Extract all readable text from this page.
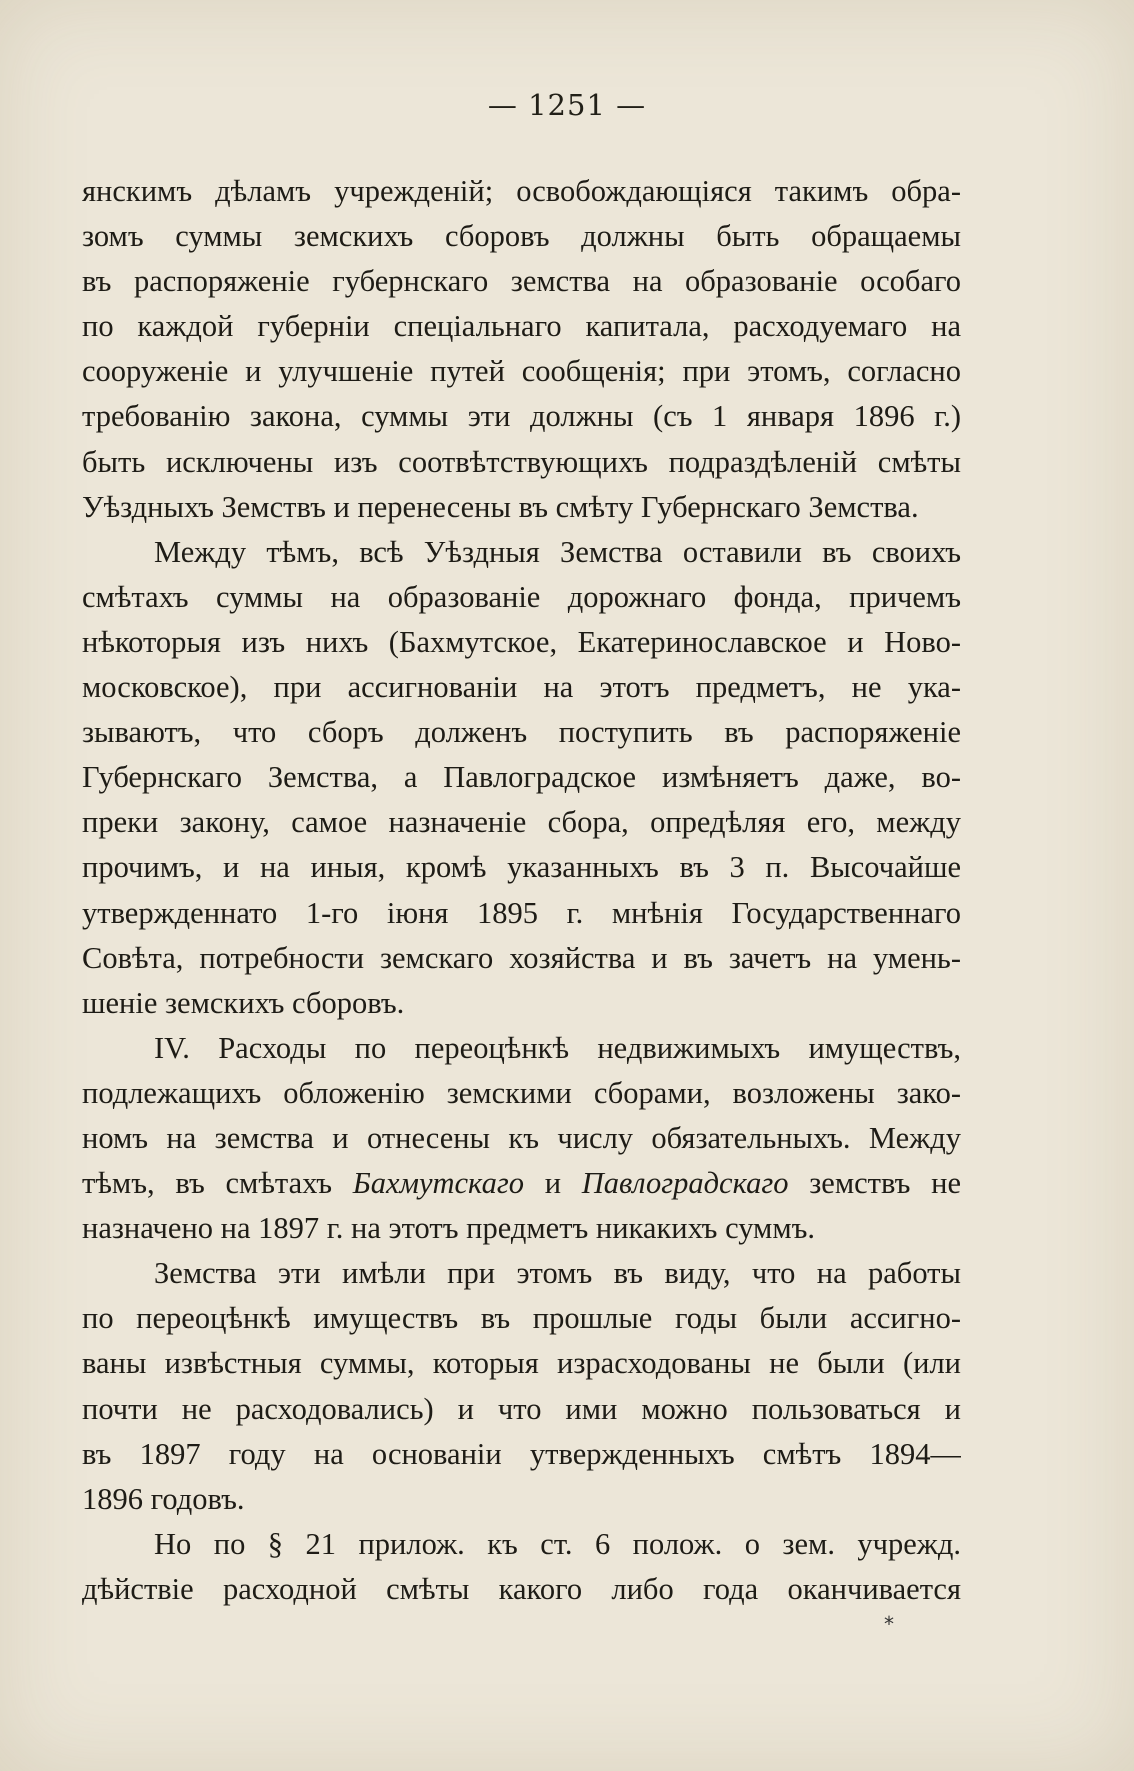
— 1251 —
янскимъ дѣламъ учрежденій; освобождающіяся такимъ обра-
зомъ суммы земскихъ сборовъ должны быть обращаемы
въ распоряженіе губернскаго земства на образованіе особаго
по каждой губерніи спеціальнаго капитала, расходуемаго на
сооруженіе и улучшеніе путей сообщенія; при этомъ, согласно
требованію закона, суммы эти должны (съ 1 января 1896 г.)
быть исключены изъ соотвѣтствующихъ подраздѣленій смѣты
Уѣздныхъ Земствъ и перенесены въ смѣту Губернскаго Земства.
Между тѣмъ, всѣ Уѣздныя Земства оставили въ своихъ
смѣтахъ суммы на образованіе дорожнаго фонда, причемъ
нѣкоторыя изъ нихъ (Бахмутское, Екатеринославское и Ново-
московское), при ассигнованіи на этотъ предметъ, не ука-
зываютъ, что сборъ долженъ поступить въ распоряженіе
Губернскаго Земства, а Павлоградское измѣняетъ даже, во-
преки закону, самое назначеніе сбора, опредѣляя его, между
прочимъ, и на иныя, кромѣ указанныхъ въ 3 п. Высочайше
утвержденнато 1-го іюня 1895 г. мнѣнія Государственнаго
Совѣта, потребности земскаго хозяйства и въ зачетъ на умень-
шеніе земскихъ сборовъ.
IV. Расходы по переоцѣнкѣ недвижимыхъ имуществъ,
подлежащихъ обложенію земскими сборами, возложены зако-
номъ на земства и отнесены къ числу обязательныхъ. Между
тѣмъ, въ смѣтахъ Бахмутскаго и Павлоградскаго земствъ не
назначено на 1897 г. на этотъ предметъ никакихъ суммъ.
Земства эти имѣли при этомъ въ виду, что на работы
по переоцѣнкѣ имуществъ въ прошлые годы были ассигно-
ваны извѣстныя суммы, которыя израсходованы не были (или
почти не расходовались) и что ими можно пользоваться и
въ 1897 году на основаніи утвержденныхъ смѣтъ 1894—
1896 годовъ.
Но по § 21 прилож. къ ст. 6 полож. о зем. учрежд.
дѣйствіе расходной смѣты какого либо года оканчивается
*
